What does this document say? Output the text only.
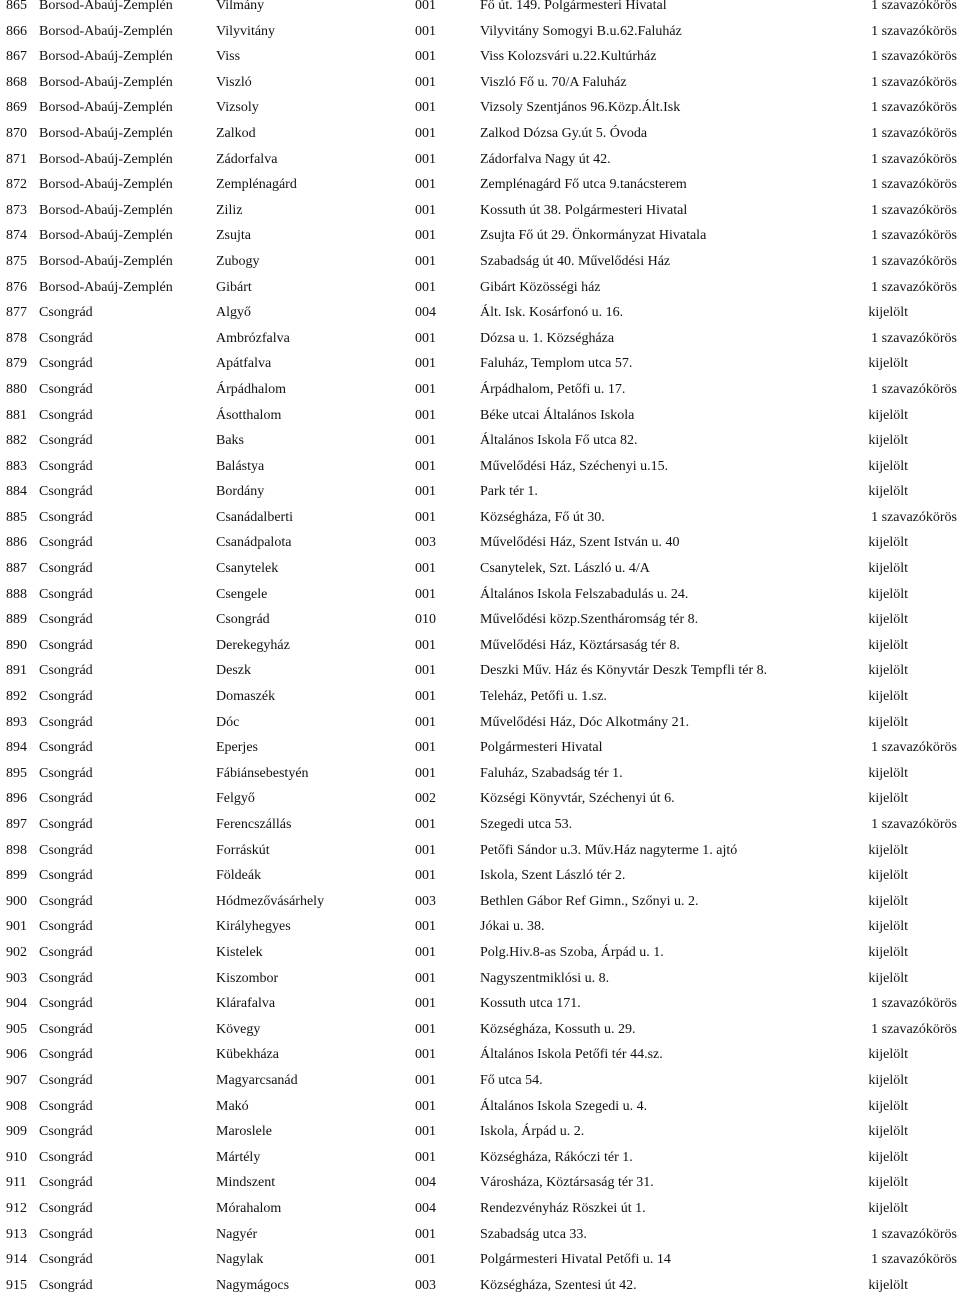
865 Borsod-Abaúj-Zemplén	Vilmány	001	Fő út. 149. Polgármesteri Hivatal	1 szavazókörös
866 Borsod-Abaúj-Zemplén	Vilyvitány	001	Vilyvitány Somogyi B.u.62.Faluház	1 szavazókörös
867 Borsod-Abaúj-Zemplén	Viss	001	Viss Kolozsvári u.22.Kultúrház	1 szavazókörös
868 Borsod-Abaúj-Zemplén	Viszló	001	Viszló Fő u. 70/A Faluház	1 szavazókörös
869 Borsod-Abaúj-Zemplén	Vizsoly	001	Vizsoly Szentjános 96.Közp.Ált.Isk	1 szavazókörös
870 Borsod-Abaúj-Zemplén	Zalkod	001	Zalkod Dózsa Gy.út 5. Óvoda	1 szavazókörös
871 Borsod-Abaúj-Zemplén	Zádorfalva	001	Zádorfalva Nagy út 42.	1 szavazókörös
872 Borsod-Abaúj-Zemplén	Zemplénagárd	001	Zemplénagárd Fő utca 9.tanácsterem	1 szavazókörös
873 Borsod-Abaúj-Zemplén	Ziliz	001	Kossuth út 38. Polgármesteri Hivatal	1 szavazókörös
874 Borsod-Abaúj-Zemplén	Zsujta	001	Zsujta Fő út 29. Önkormányzat Hivatala	1 szavazókörös
875 Borsod-Abaúj-Zemplén	Zubogy	001	Szabadság út 40. Művelődési Ház	1 szavazókörös
876 Borsod-Abaúj-Zemplén	Gibárt	001	Gibárt Közösségi ház	1 szavazókörös
877 Csongrád	Algyő	004	Ált. Isk. Kosárfonó u. 16.	kijelölt
878 Csongrád	Ambrózfalva	001	Dózsa u. 1. Községháza	1 szavazókörös
879 Csongrád	Apátfalva	001	Faluház, Templom utca 57.	kijelölt
880 Csongrád	Árpádhalom	001	Árpádhalom, Petőfi u. 17.	1 szavazókörös
881 Csongrád	Ásotthalom	001	Béke utcai Általános Iskola	kijelölt
882 Csongrád	Baks	001	Általános Iskola Fő utca 82.	kijelölt
883 Csongrád	Balástya	001	Művelődési Ház, Széchenyi u.15.	kijelölt
884 Csongrád	Bordány	001	Park tér 1.	kijelölt
885 Csongrád	Csanádalberti	001	Községháza, Fő út 30.	1 szavazókörös
886 Csongrád	Csanádpalota	003	Művelődési Ház, Szent István u. 40	kijelölt
887 Csongrád	Csanytelek	001	Csanytelek, Szt. László u. 4/A	kijelölt
888 Csongrád	Csengele	001	Általános Iskola Felszabadulás u. 24.	kijelölt
889 Csongrád	Csongrád	010	Művelődési közp.Szentháromság tér 8.	kijelölt
890 Csongrád	Derekegyház	001	Művelődési Ház, Köztársaság tér 8.	kijelölt
891 Csongrád	Deszk	001	Deszki Műv. Ház és Könyvtár Deszk Tempfli tér 8.	kijelölt
892 Csongrád	Domaszék	001	Teleház, Petőfi u. 1.sz.	kijelölt
893 Csongrád	Dóc	001	Művelődési Ház, Dóc Alkotmány 21.	kijelölt
894 Csongrád	Eperjes	001	Polgármesteri Hivatal	1 szavazókörös
895 Csongrád	Fábiánsebestyén	001	Faluház, Szabadság tér 1.	kijelölt
896 Csongrád	Felgyő	002	Községi Könyvtár, Széchenyi út 6.	kijelölt
897 Csongrád	Ferencszállás	001	Szegedi utca 53.	1 szavazókörös
898 Csongrád	Forráskút	001	Petőfi Sándor u.3. Műv.Ház nagyterme 1. ajtó	kijelölt
899 Csongrád	Földeák	001	Iskola, Szent László tér 2.	kijelölt
900 Csongrád	Hódmezővásárhely	003	Bethlen Gábor Ref Gimn., Szőnyi u. 2.	kijelölt
901 Csongrád	Királyhegyes	001	Jókai u. 38.	kijelölt
902 Csongrád	Kistelek	001	Polg.Hiv.8-as Szoba, Árpád u. 1.	kijelölt
903 Csongrád	Kiszombor	001	Nagyszentmiklósi u. 8.	kijelölt
904 Csongrád	Klárafalva	001	Kossuth utca 171.	1 szavazókörös
905 Csongrád	Kövegy	001	Községháza, Kossuth u. 29.	1 szavazókörös
906 Csongrád	Kübekháza	001	Általános Iskola Petőfi tér 44.sz.	kijelölt
907 Csongrád	Magyarcsanád	001	Fő utca 54.	kijelölt
908 Csongrád	Makó	001	Általános Iskola Szegedi u. 4.	kijelölt
909 Csongrád	Maroslele	001	Iskola, Árpád u. 2.	kijelölt
910 Csongrád	Mártély	001	Községháza, Rákóczi tér 1.	kijelölt
911 Csongrád	Mindszent	004	Városháza, Köztársaság tér 31.	kijelölt
912 Csongrád	Mórahalom	004	Rendezvényház Röszkei út 1.	kijelölt
913 Csongrád	Nagyér	001	Szabadság utca 33.	1 szavazókörös
914 Csongrád	Nagylak	001	Polgármesteri Hivatal Petőfi u. 14	1 szavazókörös
915 Csongrád	Nagymágocs	003	Községháza, Szentesi út 42.	kijelölt
